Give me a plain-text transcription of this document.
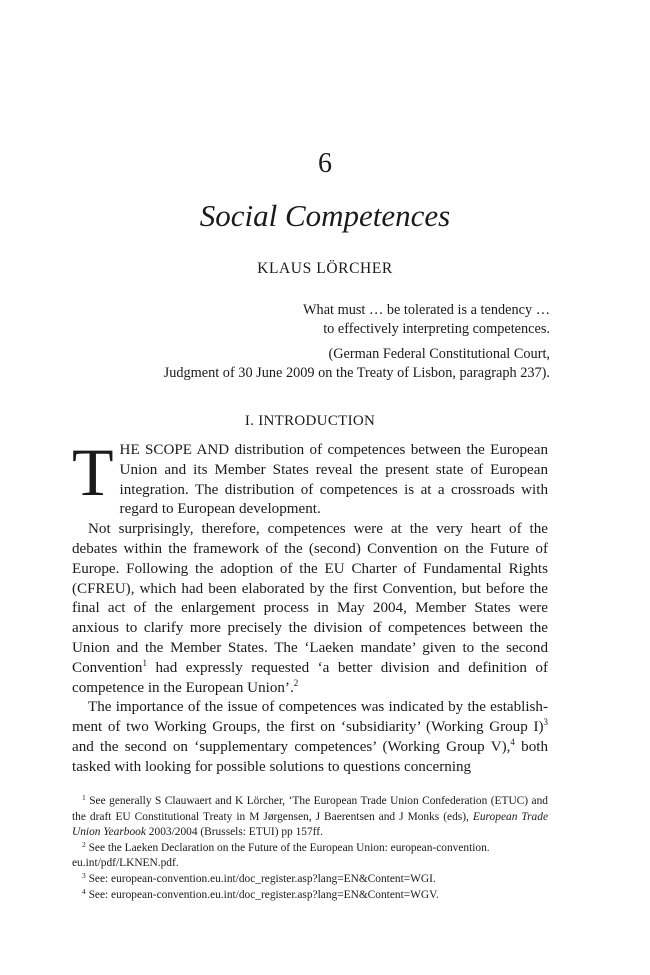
6
Social Competences
KLAUS LÖRCHER
What must … be tolerated is a tendency …
to effectively interpreting competences.
(German Federal Constitutional Court,
Judgment of 30 June 2009 on the Treaty of Lisbon, paragraph 237).
I. INTRODUCTION

THE SCOPE AND distribution of competences between the European Union and its Member States reveal the present state of European integration. The distribution of competences is at a crossroads with regard to European development.

Not surprisingly, therefore, competences were at the very heart of the debates within the framework of the (second) Convention on the Future of Europe. Following the adoption of the EU Charter of Fundamental Rights (CFREU), which had been elaborated by the first Convention, but before the final act of the enlargement process in May 2004, Member States were anxious to clarify more precisely the division of competences between the Union and the Member States. The ‘Laeken mandate’ given to the second Convention$^1$ had expressly requested ‘a better division and definition of competence in the European Union’.$^2$

The importance of the issue of competences was indicated by the establishment of two Working Groups, the first on ‘subsidiarity’ (Working Group I)$^3$ and the second on ‘supplementary competences’ (Working Group V),$^4$ both tasked with looking for possible solutions to questions concerning

$^1$ See generally S Clauwaert and K Lörcher, ‘The European Trade Union Confederation (ETUC) and the draft EU Constitutional Treaty in M Jørgensen, J Baerentsen and J Monks (eds), European Trade Union Yearbook 2003/2004 (Brussels: ETUI) pp 157ff.

$^2$ See the Laeken Declaration on the Future of the European Union: european-convention. eu.int/pdf/LKNEN.pdf.

$^3$ See: european-convention.eu.int/doc_register.asp?lang=EN&Content=WGI.

$^4$ See: european-convention.eu.int/doc_register.asp?lang=EN&Content=WGV.
